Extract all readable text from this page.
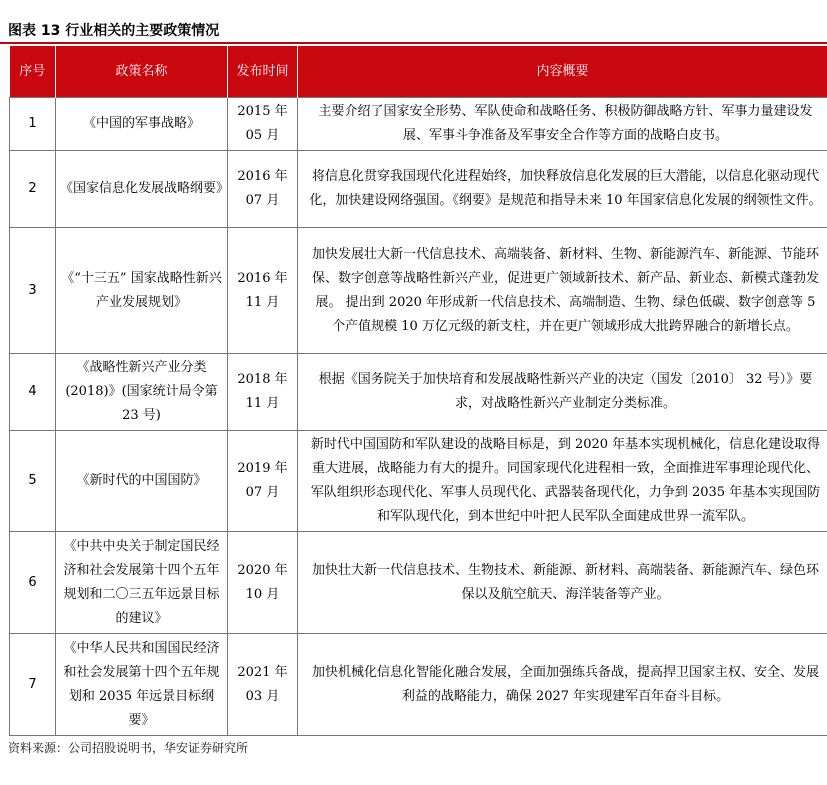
图表 13 行业相关的主要政策情况
序号	政策名称	发布时间	内容概要
1	《中国的军事战略》	2015 年 05 月	主要介绍了国家安全形势、军队使命和战略任务、积极防御战略方针、军事力量建设发展、军事斗争准备及军事安全合作等方面的战略白皮书。
2	《国家信息化发展战略纲要》	2016 年 07 月	将信息化贯穿我国现代化进程始终，加快释放信息化发展的巨大潜能，以信息化驱动现代化，加快建设网络强国。《纲要》是规范和指导未来 10 年国家信息化发展的纲领性文件。
3	《“十三五” 国家战略性新兴产业发展规划》	2016 年 11 月	加快发展壮大新一代信息技术、高端装备、新材料、生物、新能源汽车、新能源、节能环保、数字创意等战略性新兴产业，促进更广领域新技术、新产品、新业态、新模式蓬勃发展。 提出到 2020 年形成新一代信息技术、高端制造、生物、绿色低碳、数字创意等 5 个产值规模 10 万亿元级的新支柱，并在更广领域形成大批跨界融合的新增长点。
4	《战略性新兴产业分类 (2018)》(国家统计局令第 23 号)	2018 年 11 月	根据《国务院关于加快培育和发展战略性新兴产业的决定（国发〔2010〕 32 号）》要求，对战略性新兴产业制定分类标准。
5	《新时代的中国国防》	2019 年 07 月	新时代中国国防和军队建设的战略目标是，到 2020 年基本实现机械化，信息化建设取得重大进展，战略能力有大的提升。同国家现代化进程相一致，全面推进军事理论现代化、军队组织形态现代化、军事人员现代化、武器装备现代化，力争到 2035 年基本实现国防和军队现代化，到本世纪中叶把人民军队全面建成世界一流军队。
6	《中共中央关于制定国民经济和社会发展第十四个五年规划和二〇三五年远景目标的建议》	2020 年 10 月	加快壮大新一代信息技术、生物技术、新能源、新材料、高端装备、新能源汽车、绿色环保以及航空航天、海洋装备等产业。
7	《中华人民共和国国民经济和社会发展第十四个五年规划和 2035 年远景目标纲要》	2021 年 03 月	加快机械化信息化智能化融合发展，全面加强练兵备战，提高捍卫国家主权、安全、发展利益的战略能力，确保 2027 年实现建军百年奋斗目标。
资料来源：公司招股说明书，华安证券研究所
